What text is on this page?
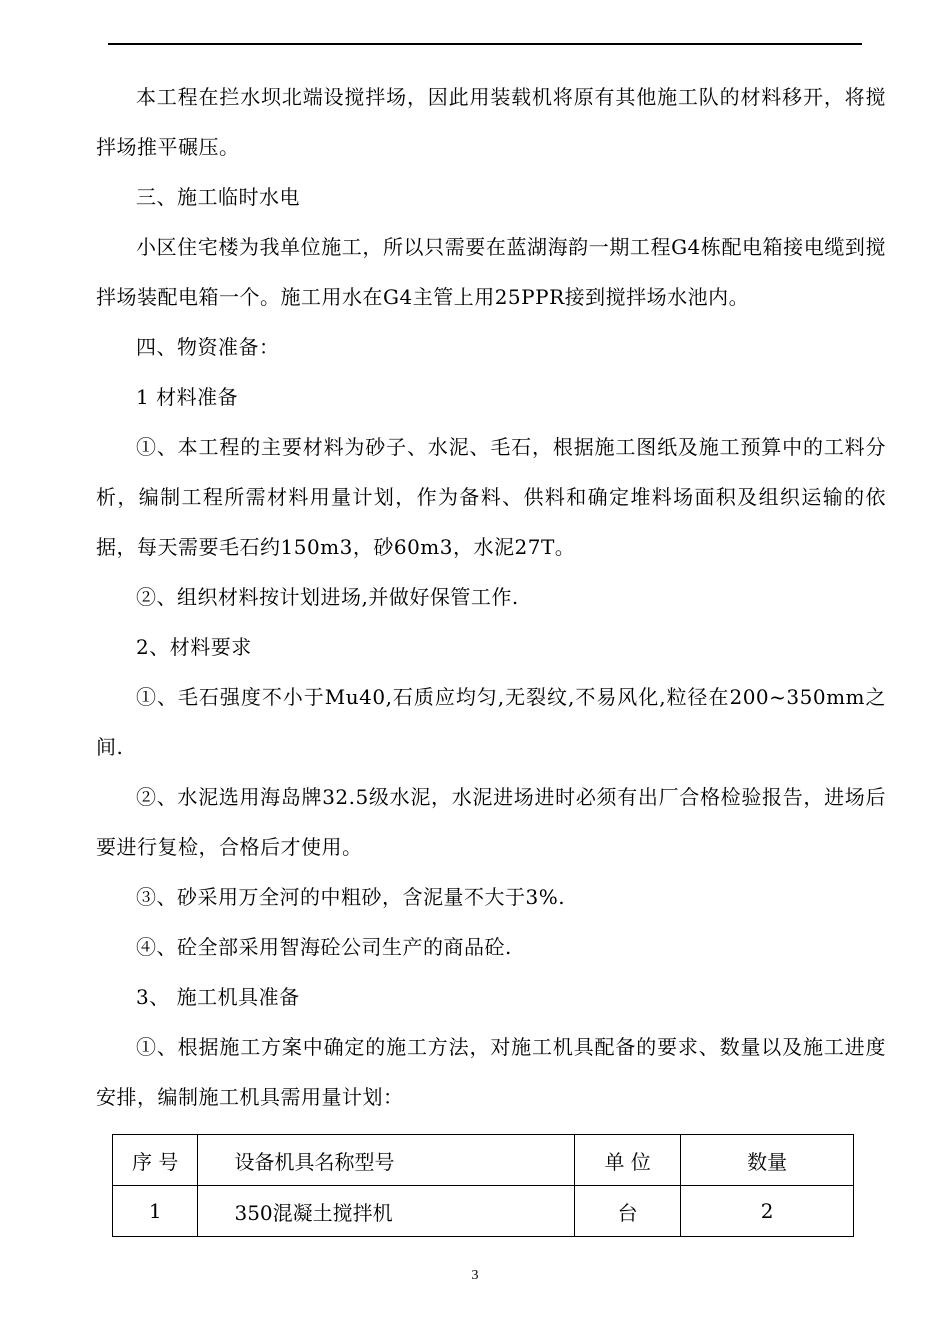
本工程在拦水坝北端设搅拌场，因此用装载机将原有其他施工队的材料移开，将搅拌场推平碾压。

三、施工临时水电

小区住宅楼为我单位施工，所以只需要在蓝湖海韵一期工程G4栋配电箱接电缆到搅拌场装配电箱一个。施工用水在G4主管上用25PPR接到搅拌场水池内。

四、物资准备：

1 材料准备

①、本工程的主要材料为砂子、水泥、毛石，根据施工图纸及施工预算中的工料分析，编制工程所需材料用量计划，作为备料、供料和确定堆料场面积及组织运输的依据，每天需要毛石约150m3，砂60m3，水泥27T。

②、组织材料按计划进场,并做好保管工作.

2、材料要求

①、毛石强度不小于Mu40,石质应均匀,无裂纹,不易风化,粒径在200~350mm之间.

②、水泥选用海岛牌32.5级水泥，水泥进场进时必须有出厂合格检验报告，进场后要进行复检，合格后才使用。

③、砂采用万全河的中粗砂，含泥量不大于3%.

④、砼全部采用智海砼公司生产的商品砼.

3、 施工机具准备

①、根据施工方案中确定的施工方法，对施工机具配备的要求、数量以及施工进度安排，编制施工机具需用量计划：

序 号	设备机具名称型号	单 位	数量
1	350混凝土搅拌机	台	2
3
